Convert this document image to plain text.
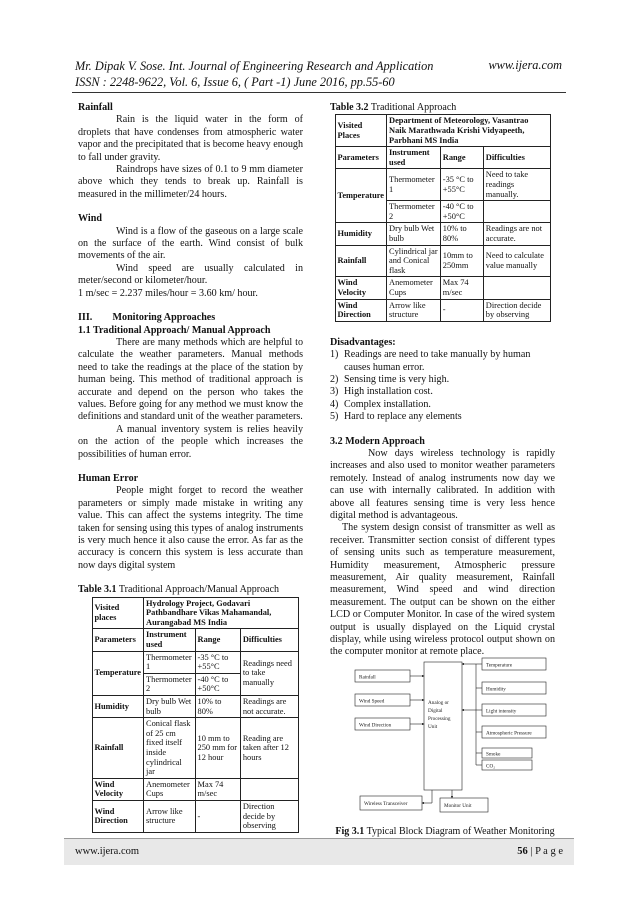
Mr. Dipak V. Sose. Int. Journal of Engineering Research and Application
ISSN : 2248-9622, Vol. 6, Issue 6, ( Part -1) June 2016, pp.55-60
www.ijera.com

Rainfall

Rain is the liquid water in the form of droplets that have condenses from atmospheric water vapor and the precipitated that is become heavy enough to fall under gravity.

Raindrops have sizes of 0.1 to 9 mm diameter above which they tends to break up. Rainfall is measured in the millimeter/24 hours.

Wind

Wind is a flow of the gaseous on a large scale on the surface of the earth. Wind consist of bulk movements of the air.

Wind speed are usually calculated in meter/second or kilometer/hour.

1 m/sec = 2.237 miles/hour = 3.60 km/ hour.

III.  Monitoring Approaches

1.1 Traditional Approach/ Manual Approach

There are many methods which are helpful to calculate the weather parameters. Manual methods need to take the readings at the place of the station by human being. This method of traditional approach is accurate and depend on the person who takes the values. Before going for any method we must know the definitions and standard unit of the weather parameters.

A manual inventory system is relies heavily on the action of the people which increases the possibilities of human error.

Human Error

People might forget to record the weather parameters or simply made mistake in writing any value. This can affect the systems integrity. The time taken for sensing using this types of analog instruments is very much hence it also cause the error. As far as the accuracy is concern this system is less accurate than now days digital system

Table 3.1 Traditional Approach/Manual Approach

Visited places	Hydrology Project, Godavari Pathbandhare Vikas Mahamandal, Aurangabad MS India		
Parameters	Instrument used	Range	Difficulties
Temperature	Thermometer 1	-35 °C to +55°C	Readings need to take manually
	Thermometer 2	-40 °C to +50°C	
Humidity	Dry bulb Wet bulb	10% to 80%	Readings are not accurate.
Rainfall	Conical flask of 25 cm fixed itself inside cylindrical jar	10 mm to 250 mm for 12 hour	Reading are taken after 12 hours
Wind Velocity	Anemometer Cups	Max 74 m/sec	
Wind Direction	Arrow like structure	-	Direction decide by observing

Table 3.2 Traditional Approach

Visited Places	Department of Meteorology, Vasantrao Naik Marathwada Krishi Vidyapeeth, Parbhani MS India		
Parameters	Instrument used	Range	Difficulties
Temperature	Thermometer 1	-35 °C to +55°C	Need to take readings manually.
	Thermometer 2	-40 °C to +50°C	
Humidity	Dry bulb Wet bulb	10% to 80%	Readings are not accurate.
Rainfall	Cylindrical jar and Conical flask	10mm to 250mm	Need to calculate value manually
Wind Velocity	Anemometer Cups	Max 74 m/sec	
Wind Direction	Arrow like structure	-	Direction decide by observing

Disadvantages:

1) Readings are need to take manually by human causes human error.
2) Sensing time is very high.
3) High installation cost.
4) Complex installation.
5) Hard to replace any elements

3.2 Modern Approach

Now days wireless technology is rapidly increases and also used to monitor weather parameters remotely. Instead of analog instruments now day we can use with internally calibrated. In addition with above all features sensing time is very less hence digital method is advantageous.

The system design consist of transmitter as well as receiver. Transmitter section consist of different types of sensing units such as temperature measurement, Humidity measurement, Atmospheric pressure measurement, Air quality measurement, Rainfall measurement, Wind speed and wind direction measurement. The output can be shown on the either LCD or Computer Monitor. In case of the wired system output is usually displayed on the Liquid crystal display, while using wireless protocol output shown on the computer monitor at remote place.

Rainfall
Wind Speed
Wind Direction
Analog or
Digital
Processing
Unit
Temperature
Humidity
Light intensity
Atmospheric Pressure
Smoke
CO₂
Wireless Transceiver	Monitor Unit
Fig 3.1 Typical Block Diagram of Weather Monitoring
www.ijera.com	56 | P a g e
